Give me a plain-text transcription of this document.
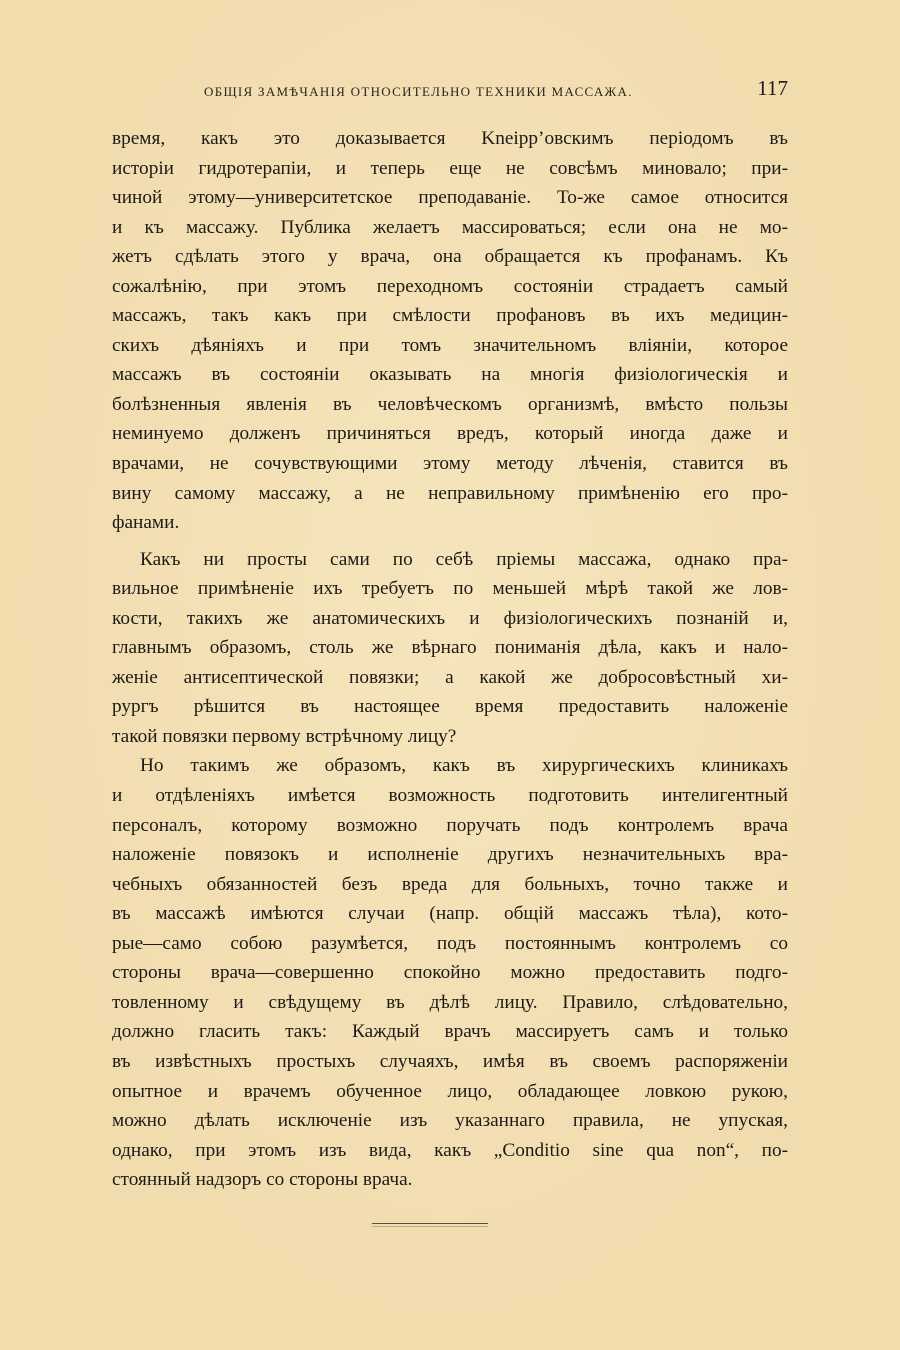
ОБЩІЯ ЗАМѢЧАНІЯ ОТНОСИТЕЛЬНО ТЕХНИКИ МАССАЖА.	117
время, какъ это доказывается Kneipp’овскимъ періодомъ въ
исторіи гидротерапіи, и теперь еще не совсѣмъ миновало; при-
чиной этому—университетское преподаваніе. То-же самое относится
и къ массажу. Публика желаетъ массироваться; если она не мо-
жетъ сдѣлать этого у врача, она обращается къ профанамъ. Къ
сожалѣнію, при этомъ переходномъ состояніи страдаетъ самый
массажъ, такъ какъ при смѣлости профановъ въ ихъ медицин-
скихъ дѣяніяхъ и при томъ значительномъ вліяніи, которое
массажъ въ состояніи оказывать на многія физіологическія и
болѣзненныя явленія въ человѣческомъ организмѣ, вмѣсто пользы
неминуемо долженъ причиняться вредъ, который иногда даже и
врачами, не сочувствующими этому методу лѣченія, ставится въ
вину самому массажу, а не неправильному примѣненію его про-
фанами.
Какъ ни просты сами по себѣ пріемы массажа, однако пра-
вильное примѣненіе ихъ требуетъ по меньшей мѣрѣ такой же лов-
кости, такихъ же анатомическихъ и физіологическихъ познаній и,
главнымъ образомъ, столь же вѣрнаго пониманія дѣла, какъ и нало-
женіе антисептической повязки; а какой же добросовѣстный хи-
рургъ рѣшится въ настоящее время предоставить наложеніе
такой повязки первому встрѣчному лицу?
Но такимъ же образомъ, какъ въ хирургическихъ клиникахъ
и отдѣленіяхъ имѣется возможность подготовить интелигентный
персоналъ, которому возможно поручать подъ контролемъ врача
наложеніе повязокъ и исполненіе другихъ незначительныхъ вра-
чебныхъ обязанностей безъ вреда для больныхъ, точно также и
въ массажѣ имѣются случаи (напр. общій массажъ тѣла), кото-
рые—само собою разумѣется, подъ постояннымъ контролемъ со
стороны врача—совершенно спокойно можно предоставить подго-
товленному и свѣдущему въ дѣлѣ лицу. Правило, слѣдовательно,
должно гласить такъ: Каждый врачъ массируетъ самъ и только
въ извѣстныхъ простыхъ случаяхъ, имѣя въ своемъ распоряженіи
опытное и врачемъ обученное лицо, обладающее ловкою рукою,
можно дѣлать исключеніе изъ указаннаго правила, не упуская,
однако, при этомъ изъ вида, какъ „Conditio sine qua non“, по-
стоянный надзоръ со стороны врача.
